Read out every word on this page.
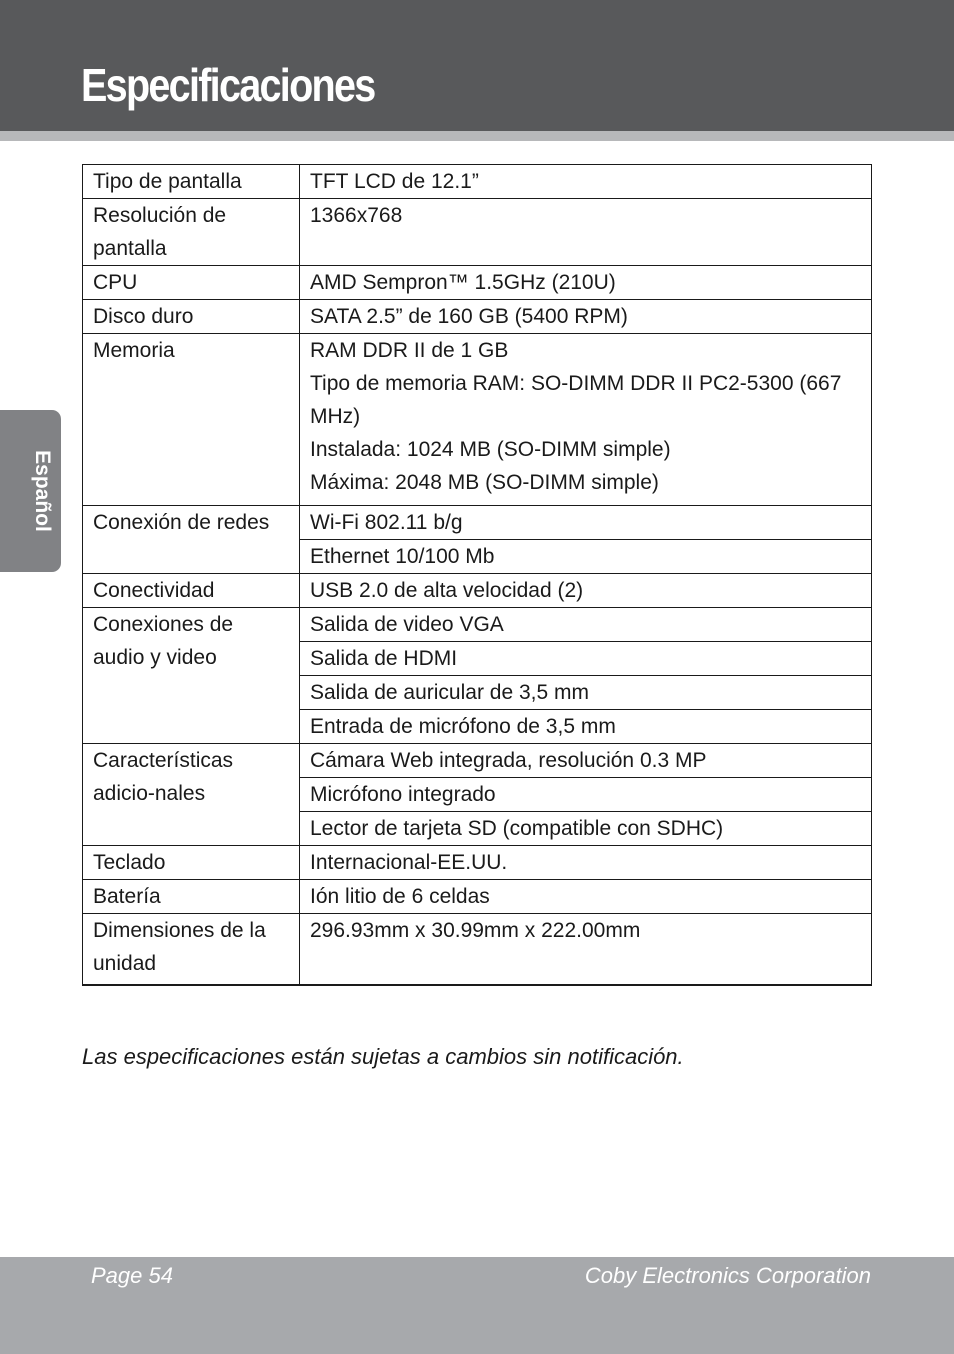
Especificaciones
Español
Tipo de pantalla	TFT LCD de 12.1”
Resolución de pantalla	1366x768
CPU	AMD Sempron™ 1.5GHz (210U)
Disco duro	SATA 2.5” de 160 GB (5400 RPM)
Memoria	RAM DDR II de 1 GB
Tipo de memoria RAM: SO-DIMM DDR II PC2-5300 (667 MHz)
Instalada: 1024 MB (SO-DIMM simple)
Máxima: 2048 MB (SO-DIMM simple)

Conexión de redes	Wi-Fi 802.11 b/g
	Ethernet 10/100 Mb
Conectividad	USB 2.0 de alta velocidad (2)
Conexiones de audio y video	Salida de video VGA
	Salida de HDMI
	Salida de auricular de 3,5 mm
	Entrada de micrófono de 3,5 mm
Características adicio-nales	Cámara Web integrada, resolución 0.3 MP
	Micrófono integrado
	Lector de tarjeta SD (compatible con SDHC)
Teclado	Internacional-EE.UU.
Batería	Ión litio de 6 celdas
Dimensiones de la unidad	296.93mm x 30.99mm x 222.00mm
Las especificaciones están sujetas a cambios sin notificación.
Page 54	Coby Electronics Corporation
